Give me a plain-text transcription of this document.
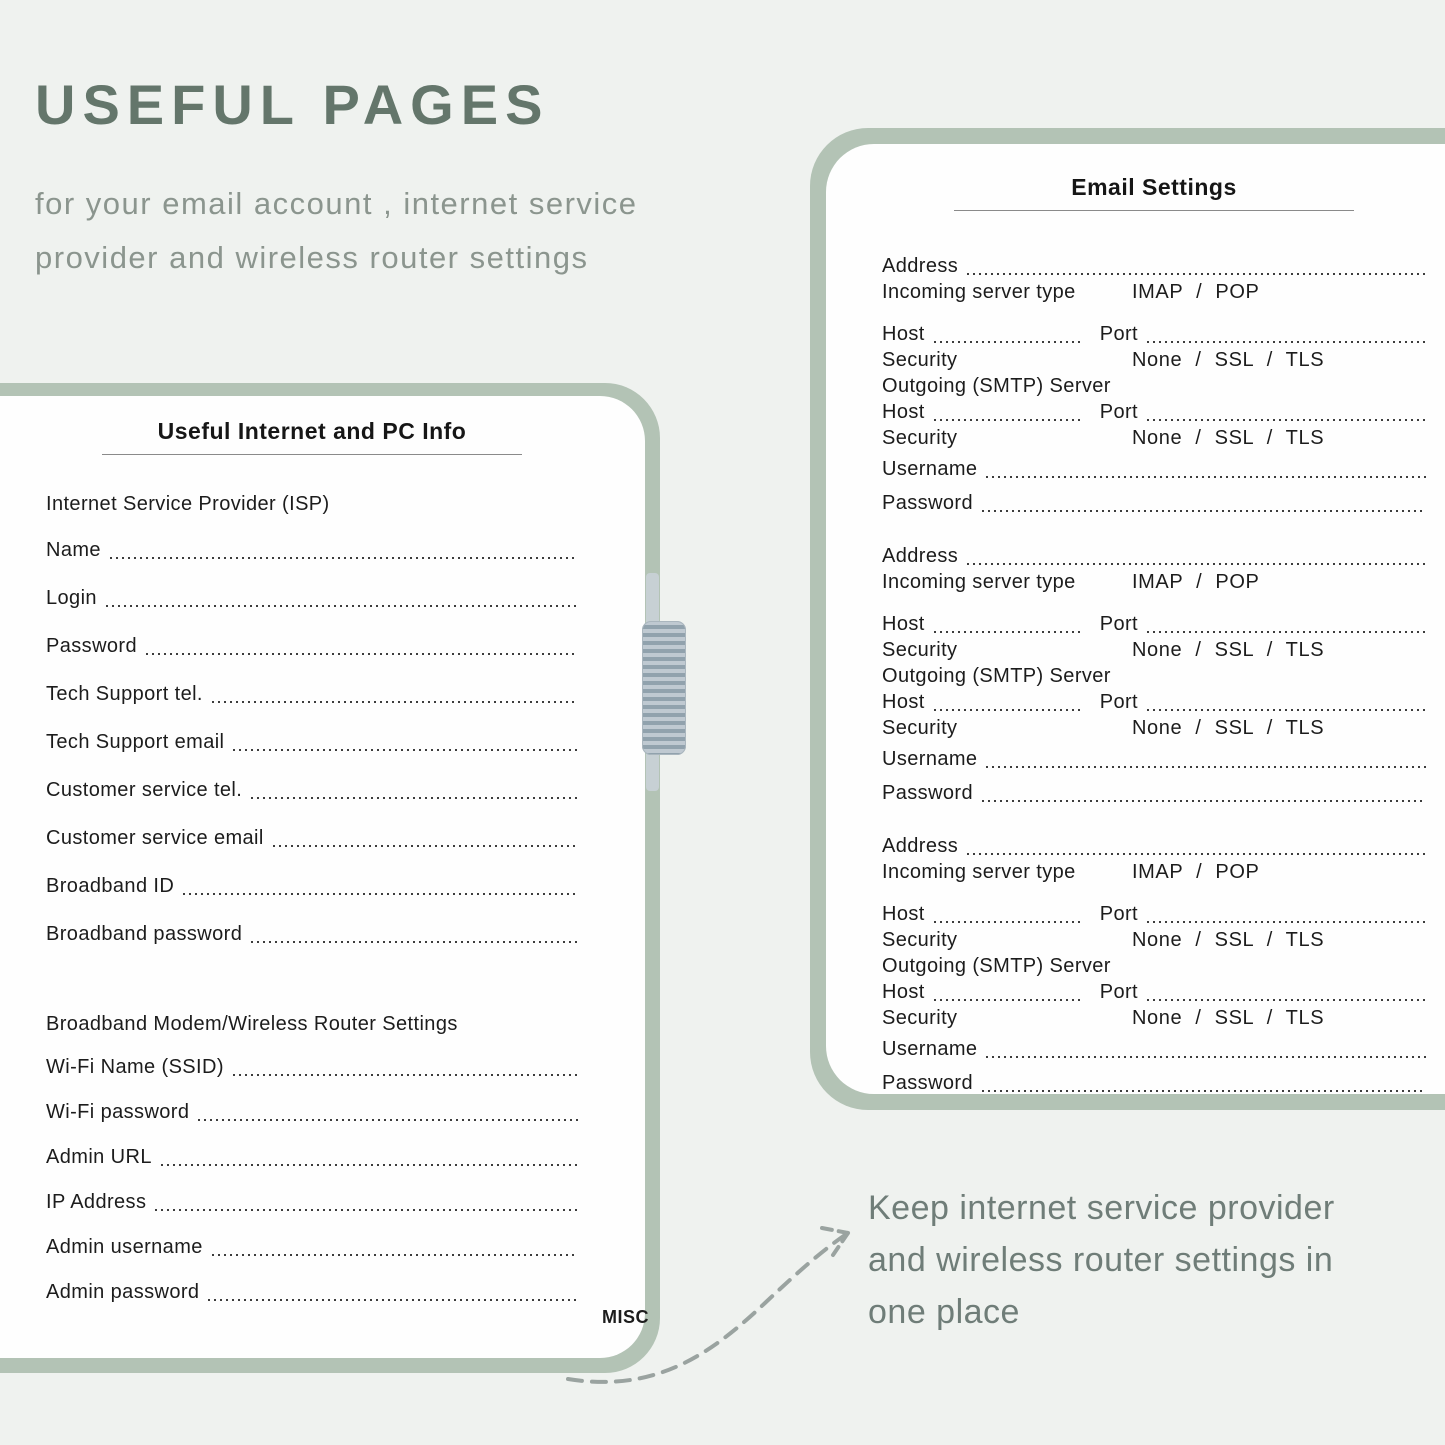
USEFUL PAGES

for your email account , internet service

provider and wireless router settings

Useful Internet and PC Info
Internet Service Provider (ISP)
Name
Login
Password
Tech Support tel.
Tech Support email
Customer service tel.
Customer service email
Broadband ID
Broadband password
Broadband Modem/Wireless Router Settings
Wi-Fi Name (SSID)
Wi-Fi password
Admin URL
IP Address
Admin username
Admin password
MISC
Email Settings
Address
Incoming server type	IMAP / POP
Host	Port
Security	None / SSL / TLS
Outgoing (SMTP) Server
Host	Port
Security	None / SSL / TLS
Username
Password
Address
Incoming server type	IMAP / POP
Host	Port
Security	None / SSL / TLS
Outgoing (SMTP) Server
Host	Port
Security	None / SSL / TLS
Username
Password
Address
Incoming server type	IMAP / POP
Host	Port
Security	None / SSL / TLS
Outgoing (SMTP) Server
Host	Port
Security	None / SSL / TLS
Username
Password
Keep internet service provider
and wireless router settings in
one place
